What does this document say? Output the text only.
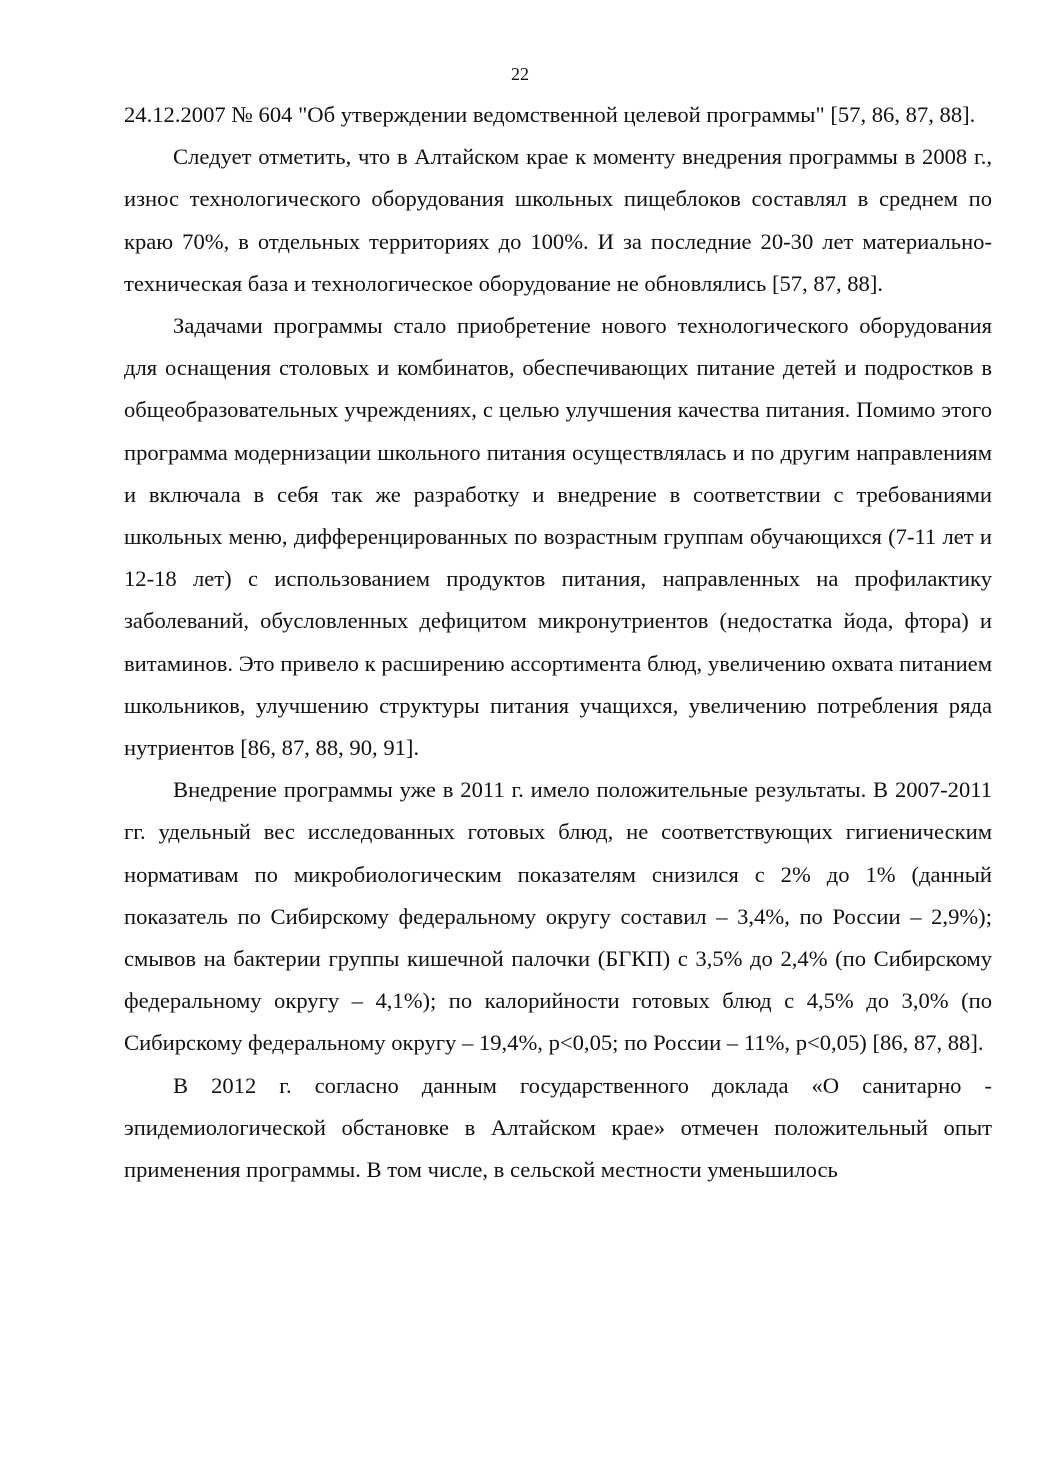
22

24.12.2007 № 604 "Об утверждении ведомственной целевой программы" [57, 86, 87, 88].

Следует отметить, что в Алтайском крае к моменту внедрения программы в 2008 г., износ технологического оборудования школьных пищеблоков составлял в среднем по краю 70%, в отдельных территориях до 100%. И за последние 20-30 лет материально-техническая база и технологическое оборудование не обновлялись [57, 87, 88].

Задачами программы стало приобретение нового технологического оборудования для оснащения столовых и комбинатов, обеспечивающих питание детей и подростков в общеобразовательных учреждениях, с целью улучшения качества питания. Помимо этого программа модернизации школьного питания осуществлялась и по другим направлениям и включала в себя так же разработку и внедрение в соответствии с требованиями школьных меню, дифференцированных по возрастным группам обучающихся (7-11 лет и 12-18 лет) с использованием продуктов питания, направленных на профилактику заболеваний, обусловленных дефицитом микронутриентов (недостатка йода, фтора) и витаминов. Это привело к расширению ассортимента блюд, увеличению охвата питанием школьников, улучшению структуры питания учащихся, увеличению потребления ряда нутриентов [86, 87, 88, 90, 91].

Внедрение программы уже в 2011 г. имело положительные результаты. В 2007-2011 гг. удельный вес исследованных готовых блюд, не соответствующих гигиеническим нормативам по микробиологическим показателям снизился с 2% до 1% (данный показатель по Сибирскому федеральному округу составил – 3,4%, по России – 2,9%); смывов на бактерии группы кишечной палочки (БГКП) с 3,5% до 2,4% (по Сибирскому федеральному округу – 4,1%); по калорийности готовых блюд с 4,5% до 3,0% (по Сибирскому федеральному округу – 19,4%, р<0,05; по России – 11%, р<0,05) [86, 87, 88].

В 2012 г. согласно данным государственного доклада «О санитарно - эпидемиологической обстановке в Алтайском крае» отмечен положительный опыт применения программы. В том числе, в сельской местности уменьшилось
